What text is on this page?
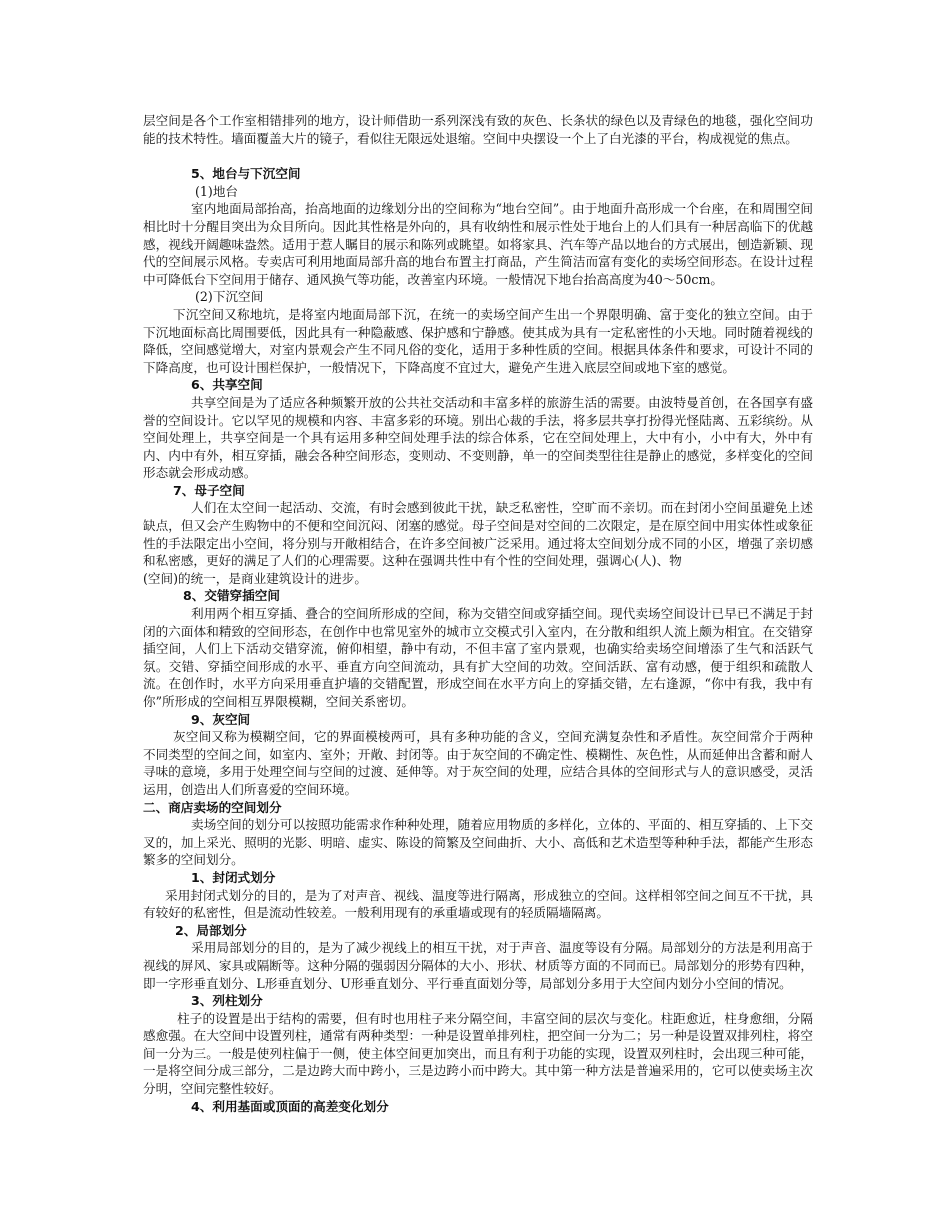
层空间是各个工作室相错排列的地方，设计师借助一系列深浅有致的灰色、长条状的绿色以及青绿色的地毯，强化空间功能的技术特性。墙面覆盖大片的镜子，看似往无限远处退缩。空间中央摆设一个上了白光漆的平台，构成视觉的焦点。

5、地台与下沉空间

(1)地台

室内地面局部抬高，抬高地面的边缘划分出的空间称为“地台空间”。由于地面升高形成一个台座，在和周围空间相比时十分醒目突出为众目所向。因此其性格是外向的，具有收纳性和展示性处于地台上的人们具有一种居高临下的优越感，视线开阔趣味盎然。适用于惹人瞩目的展示和陈列或眺望。如将家具、汽车等产品以地台的方式展出，刨造新颖、现代的空间展示风格。专卖店可利用地面局部升高的地台布置主打商品，产生简洁而富有变化的卖场空间形态。在设计过程中可降低台下空间用于储存、通风换气等功能，改善室内环境。一般情况下地台抬高高度为40～50cm。

(2)下沉空间

下沉空间又称地坑，是将室内地面局部下沉，在统一的卖场空间产生出一个界限明确、富于变化的独立空间。由于下沉地面标高比周围要低，因此具有一种隐蔽感、保护感和宁静感。使其成为具有一定私密性的小天地。同时随着视线的降低，空间感觉增大，对室内景观会产生不同凡俗的变化，适用于多种性质的空间。根据具体条件和要求，可设计不同的下降高度，也可设计围栏保护，一般情况下，下降高度不宜过大，避免产生进入底层空间或地下室的感觉。

6、共享空间

共享空间是为了适应各种频繁开放的公共社交活动和丰富多样的旅游生活的需要。由波特曼首创，在各国享有盛誉的空间设计。它以罕见的规模和内容、丰富多彩的环境。别出心裁的手法，将多层共享打扮得光怪陆离、五彩缤纷。从空间处理上，共享空间是一个具有运用多种空间处理手法的综合体系，它在空间处理上，大中有小，小中有大，外中有内、内中有外，相互穿插，融会各种空间形态，变则动、不变则静，单一的空间类型往往是静止的感觉，多样变化的空间形态就会形成动感。

7、母子空间

人们在太空间一起活动、交流，有时会感到彼此干扰，缺乏私密性，空旷而不亲切。而在封闭小空间虽避免上述缺点，但又会产生购物中的不便和空间沉闷、闭塞的感觉。母子空间是对空间的二次限定，是在原空间中用实体性或象征性的手法限定出小空间，将分别与开敞相结合，在许多空间被广泛采用。通过将太空间划分成不同的小区，增强了亲切感和私密感，更好的满足了人们的心理需要。这种在强调共性中有个性的空间处理，强调心(人)、物

(空间)的统一，是商业建筑设计的进步。

8、交错穿插空间

利用两个相互穿插、叠合的空间所形成的空间，称为交错空间或穿插空间。现代卖场空间设计已早已不满足于封闭的六面体和精致的空间形态，在创作中也常见室外的城市立交模式引入室内，在分散和组织人流上颇为相宜。在交错穿插空间，人们上下活动交错穿流，俯仰相望，静中有动，不但丰富了室内景观，也确实给卖场空间增添了生气和活跃气氛。交错、穿插空间形成的水平、垂直方向空间流动，具有扩大空间的功效。空间活跃、富有动感，便于组织和疏散人流。在创作时，水平方向采用垂直护墙的交错配置，形成空间在水平方向上的穿插交错，左右逢源，“你中有我，我中有你”所形成的空间相互界限模糊，空间关系密切。

9、灰空间

灰空间又称为模糊空间，它的界面模棱两可，具有多种功能的含义，空间充满复杂性和矛盾性。灰空间常介于两种不同类型的空间之间，如室内、室外；开敞、封闭等。由于灰空间的不确定性、模糊性、灰色性，从而延伸出含蓄和耐人寻味的意境，多用于处理空间与空间的过渡、延伸等。对于灰空间的处理，应结合具体的空间形式与人的意识感受，灵活运用，创造出人们所喜爱的空间环境。

二、商店卖场的空间划分

卖场空间的划分可以按照功能需求作种种处理，随着应用物质的多样化，立体的、平面的、相互穿插的、上下交叉的，加上采光、照明的光影、明暗、虚实、陈设的简繁及空间曲折、大小、高低和艺术造型等种种手法，都能产生形态繁多的空间划分。

1、封闭式划分

采用封闭式划分的目的，是为了对声音、视线、温度等进行隔离，形成独立的空间。这样相邻空间之间互不干扰，具有较好的私密性，但是流动性较差。一般利用现有的承重墙或现有的轻质隔墙隔离。

2、局部划分

采用局部划分的目的，是为了减少视线上的相互干扰，对于声音、温度等设有分隔。局部划分的方法是利用高于视线的屏风、家具或隔断等。这种分隔的强弱因分隔体的大小、形状、材质等方面的不同而已。局部划分的形势有四种，即一字形垂直划分、L形垂直划分、U形垂直划分、平行垂直面划分等，局部划分多用于大空间内划分小空间的情况。

3、列柱划分

柱子的设置是出于结构的需要，但有时也用柱子来分隔空间，丰富空间的层次与变化。柱距愈近，柱身愈细，分隔感愈强。在大空间中设置列柱，通常有两种类型：一种是设置单排列柱，把空间一分为二；另一种是设置双排列柱，将空间一分为三。一般是使列柱偏于一侧，使主体空间更加突出，而且有利于功能的实现，设置双列柱时，会出现三种可能，一是将空间分成三部分，二是边跨大而中跨小，三是边跨小而中跨大。其中第一种方法是普遍采用的，它可以使卖场主次分明，空间完整性较好。

4、利用基面或顶面的高差变化划分
